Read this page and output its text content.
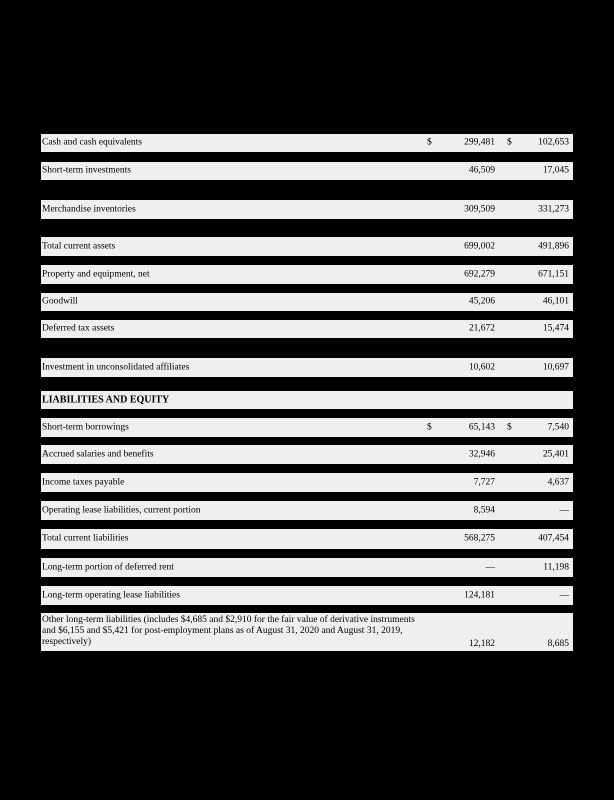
Cash and cash equivalents	$	299,481 $	102,653
Short-term investments	46,509	17,045
Merchandise inventories	309,509	331,273
Total current assets	699,002	491,896
Property and equipment, net	692,279	671,151
Goodwill	45,206	46,101
Deferred tax assets	21,672	15,474
Investment in unconsolidated affiliates	10,602	10,697
LIABILITIES AND EQUITY
Short-term borrowings	$	65,143 $	7,540
Accrued salaries and benefits	32,946	25,401
Income taxes payable	7,727	4,637
Operating lease liabilities, current portion	8,594	—
Total current liabilities	568,275	407,454
Long-term portion of deferred rent	—	11,198
Long-term operating lease liabilities	124,181	—
Other long-term liabilities (includes $4,685 and $2,910 for the fair value of derivative instruments and $6,155 and $5,421 for post-employment plans as of August 31, 2020 and August 31, 2019, respectively)	12,182	8,685
